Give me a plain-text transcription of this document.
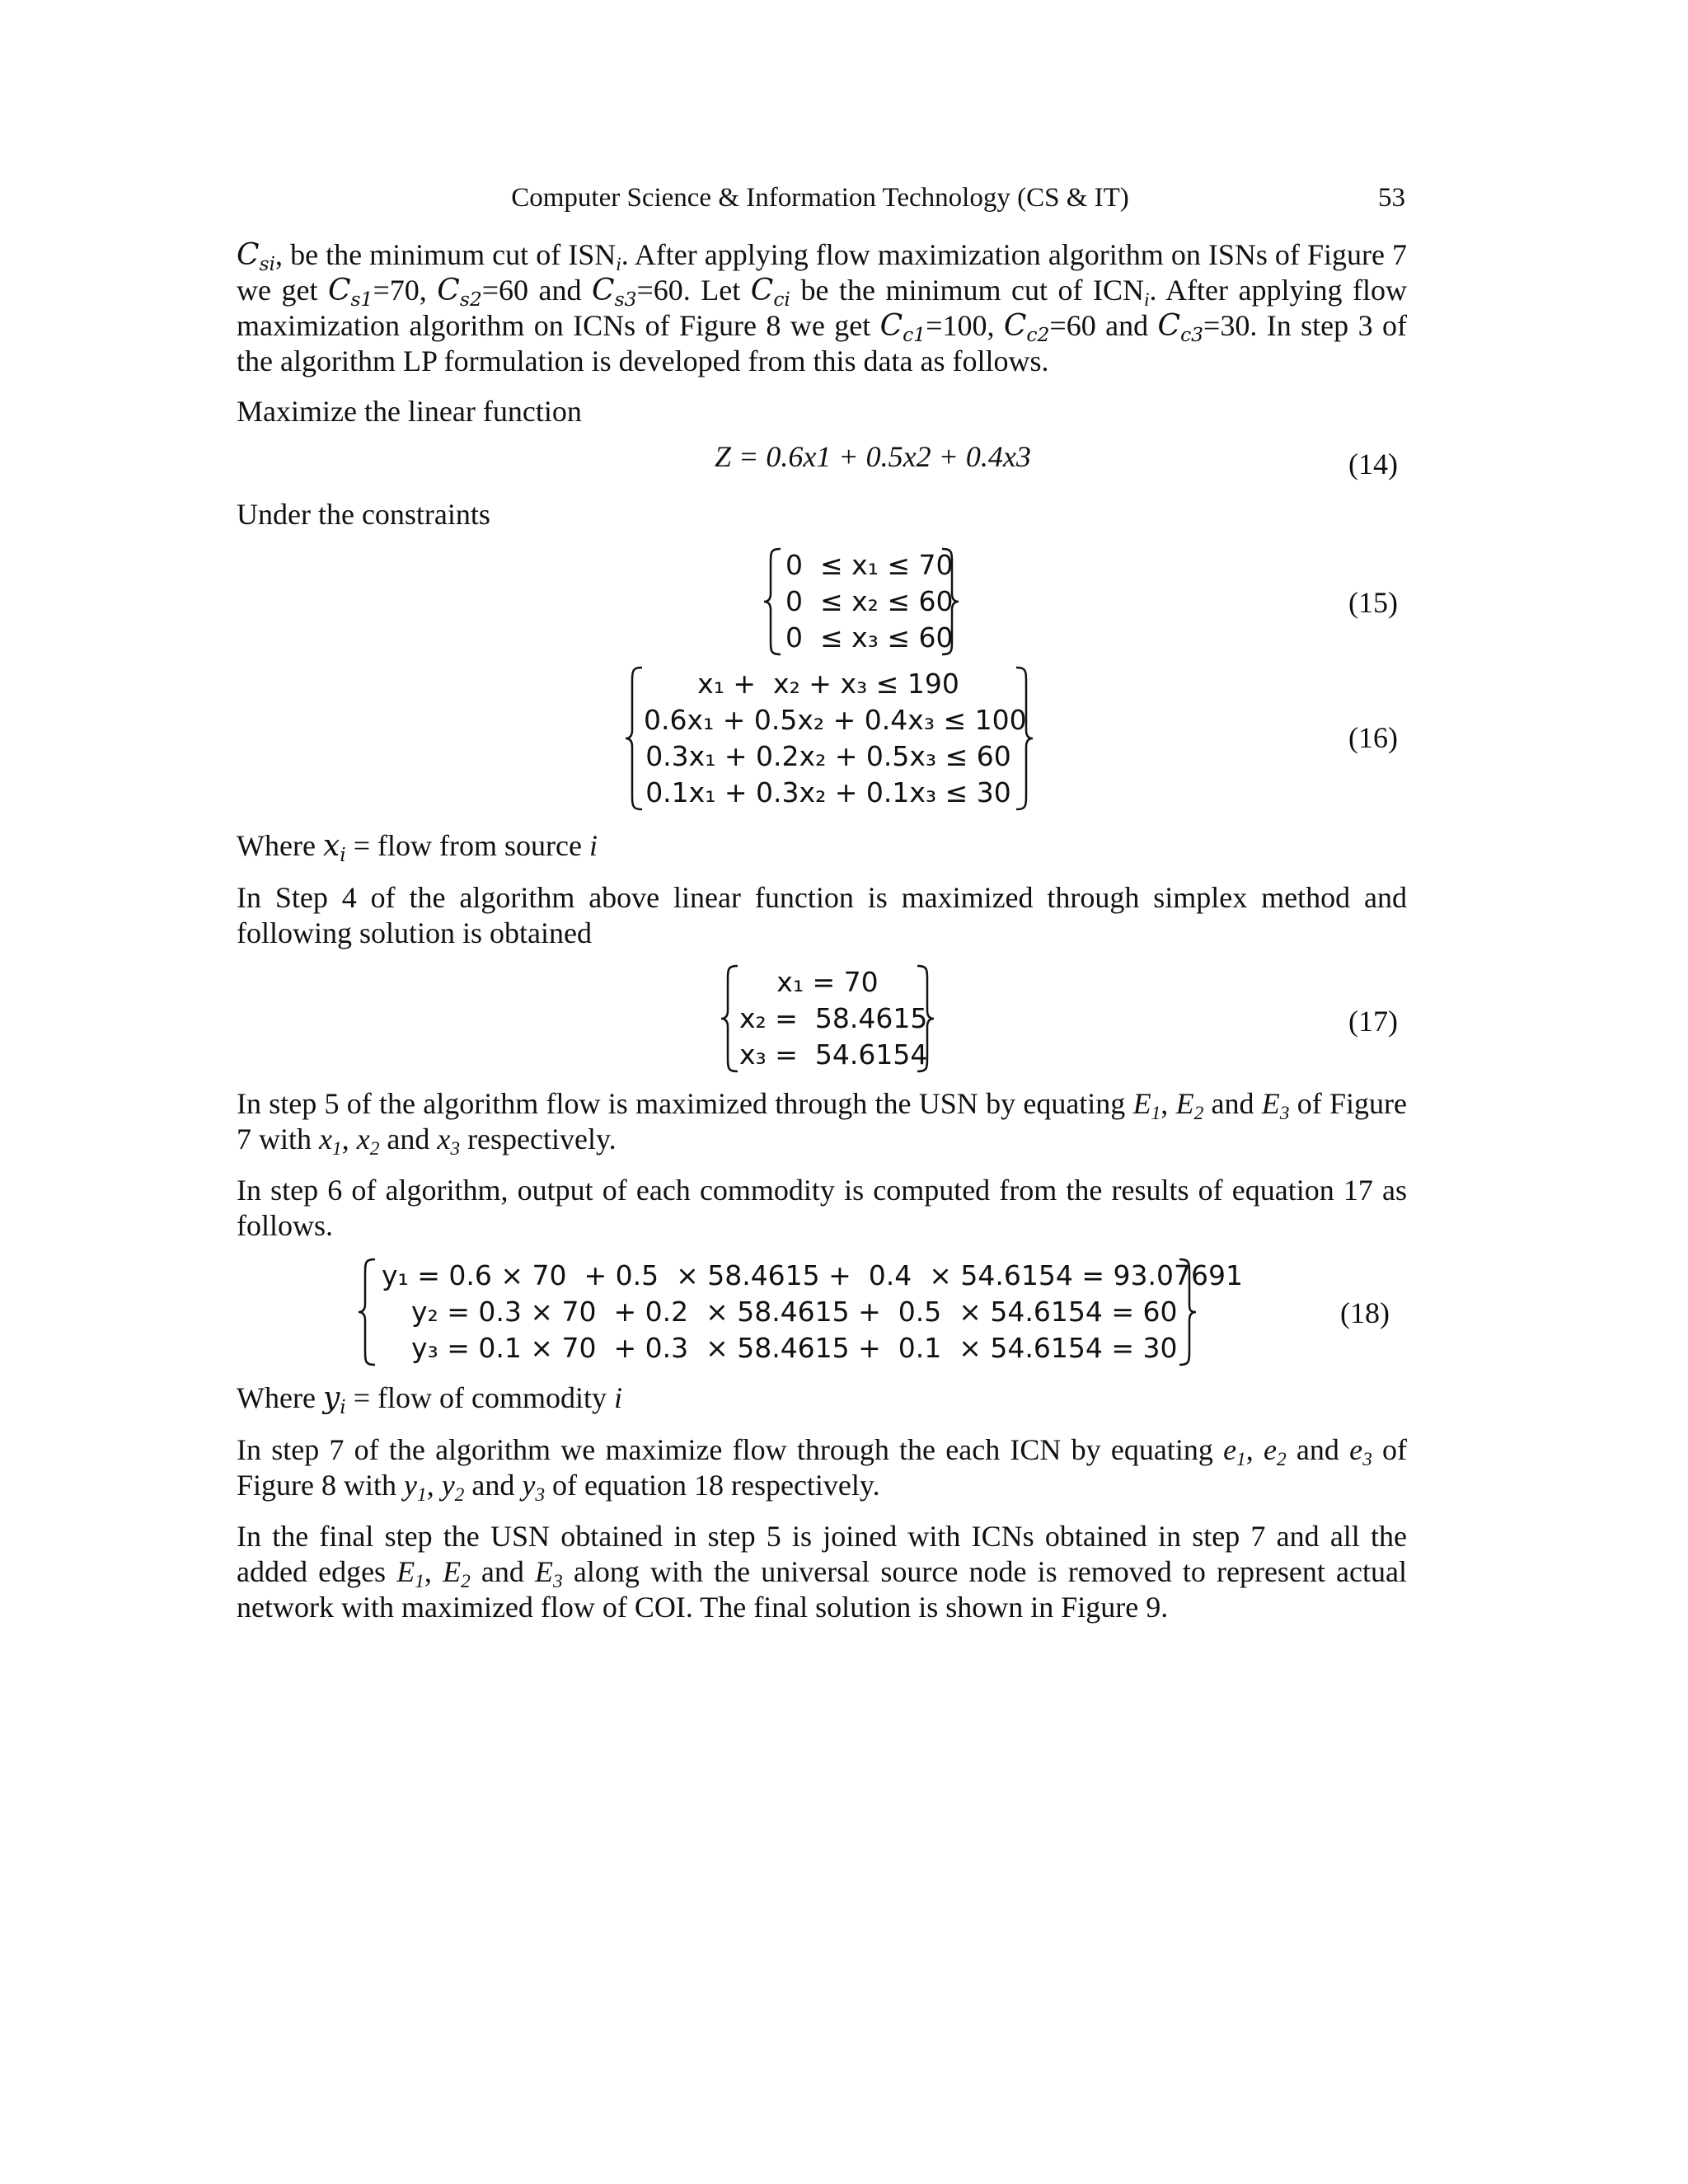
Computer Science & Information Technology (CS & IT)	53

$C_{si}$, be the minimum cut of $ISN_i$. After applying flow maximization algorithm on ISNs of Figure 7 we get $C_{s1}=70$, $C_{s2}=60$ and $C_{s3}=60$. Let $C_{ci}$ be the minimum cut of $ICN_i$. After applying flow maximization algorithm on ICNs of Figure 8 we get $C_{c1}=100$, $C_{c2}=60$ and $C_{c3}=30$. In step 3 of the algorithm LP formulation is developed from this data as follows.

Maximize the linear function

Z = 0.6x1 + 0.5x2 + 0.4x3	(14)

Under the constraints

0  ≤ x₁ ≤ 70
0  ≤ x₂ ≤ 60
0  ≤ x₃ ≤ 60
(15)
x₁ +  x₂ + x₃ ≤ 190
0.6x₁ + 0.5x₂ + 0.4x₃ ≤ 100
0.3x₁ + 0.2x₂ + 0.5x₃ ≤ 60
0.1x₁ + 0.3x₂ + 0.1x₃ ≤ 30
(16)

Where $x_i$ = flow from source i

In Step 4 of the algorithm above linear function is maximized through simplex method and following solution is obtained

x₁ = 70
x₂ =  58.4615
x₃ =  54.6154
(17)

In step 5 of the algorithm flow is maximized through the USN by equating $E_1$, $E_2$ and $E_3$ of Figure 7 with $x_1$, $x_2$ and $x_3$ respectively.

In step 6 of algorithm, output of each commodity is computed from the results of equation 17 as follows.

y₁ = 0.6 × 70  + 0.5  × 58.4615 +  0.4  × 54.6154 = 93.07691
y₂ = 0.3 × 70  + 0.2  × 58.4615 +  0.5  × 54.6154 = 60
y₃ = 0.1 × 70  + 0.3  × 58.4615 +  0.1  × 54.6154 = 30
(18)

Where $y_i$ = flow of commodity i

In step 7 of the algorithm we maximize flow through the each ICN by equating $e_1$, $e_2$ and $e_3$ of Figure 8 with $y_1$, $y_2$ and $y_3$ of equation 18 respectively.

In the final step the USN obtained in step 5 is joined with ICNs obtained in step 7 and all the added edges $E_1$, $E_2$ and $E_3$ along with the universal source node is removed to represent actual network with maximized flow of COI. The final solution is shown in Figure 9.
